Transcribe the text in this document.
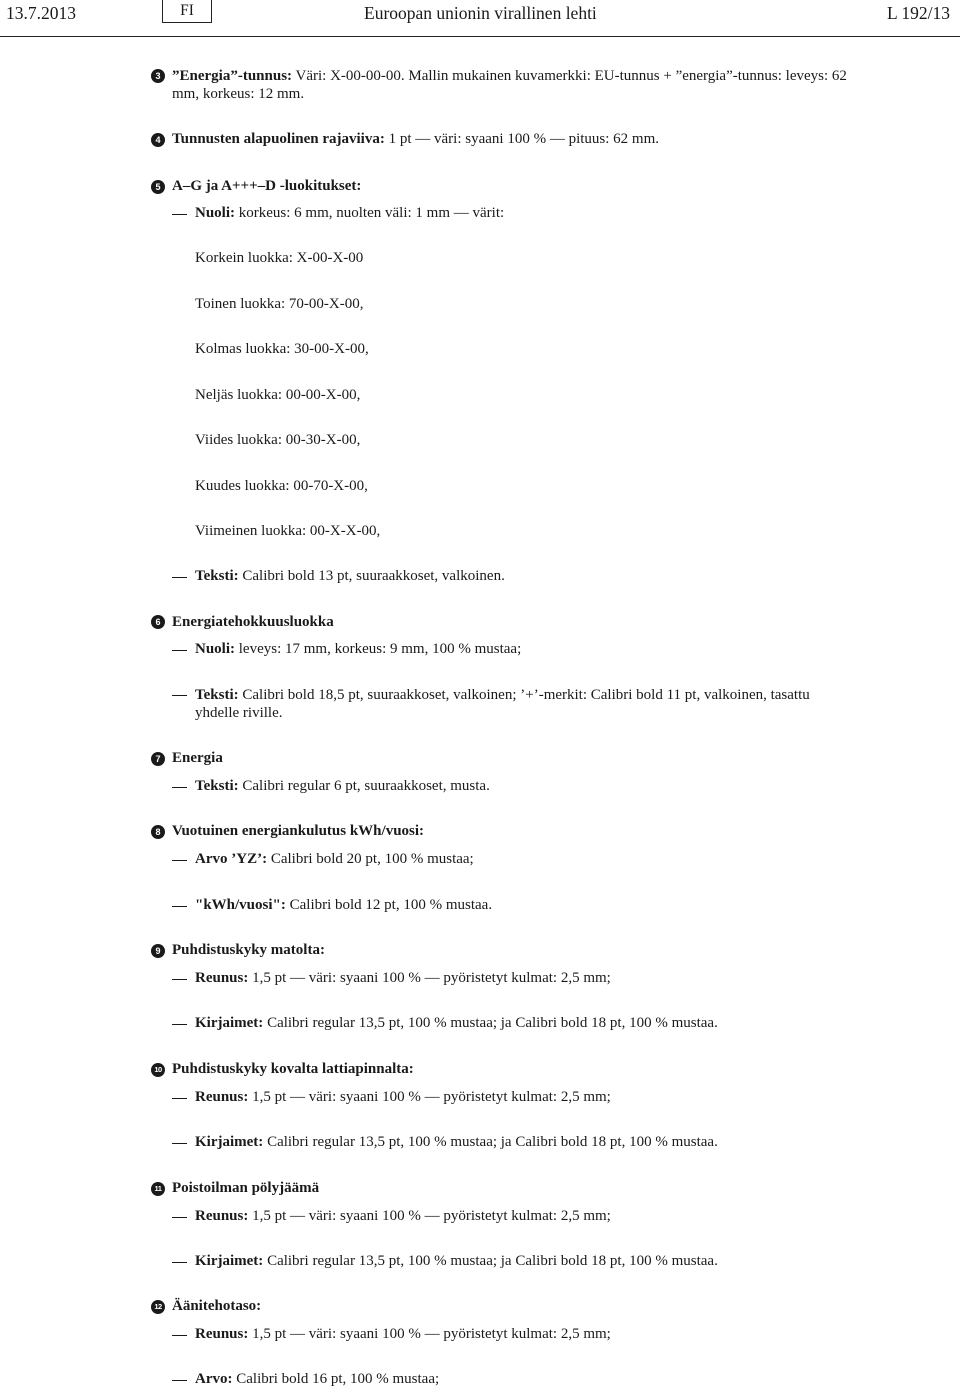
13.7.2013	FI	Euroopan unionin virallinen lehti	L 192/13
3 ”Energia”-tunnus: Väri: X-00-00-00. Mallin mukainen kuvamerkki: EU-tunnus + ”energia”-tunnus: leveys: 62
mm, korkeus: 12 mm.
4 Tunnusten alapuolinen rajaviiva: 1 pt — väri: syaani 100 % — pituus: 62 mm.
5 A–G ja A+++–D -luokitukset:
Nuoli: korkeus: 6 mm, nuolten väli: 1 mm — värit:
Korkein luokka: X-00-X-00
Toinen luokka: 70-00-X-00,
Kolmas luokka: 30-00-X-00,
Neljäs luokka: 00-00-X-00,
Viides luokka: 00-30-X-00,
Kuudes luokka: 00-70-X-00,
Viimeinen luokka: 00-X-X-00,
Teksti: Calibri bold 13 pt, suuraakkoset, valkoinen.
6 Energiatehokkuusluokka
Nuoli: leveys: 17 mm, korkeus: 9 mm, 100 % mustaa;
Teksti: Calibri bold 18,5 pt, suuraakkoset, valkoinen; ’+’-merkit: Calibri bold 11 pt, valkoinen, tasattu
yhdelle riville.
7 Energia
Teksti: Calibri regular 6 pt, suuraakkoset, musta.
8 Vuotuinen energiankulutus kWh/vuosi:
Arvo ’YZ’: Calibri bold 20 pt, 100 % mustaa;
"kWh/vuosi": Calibri bold 12 pt, 100 % mustaa.
9 Puhdistuskyky matolta:
Reunus: 1,5 pt — väri: syaani 100 % — pyöristetyt kulmat: 2,5 mm;
Kirjaimet: Calibri regular 13,5 pt, 100 % mustaa; ja Calibri bold 18 pt, 100 % mustaa.
10 Puhdistuskyky kovalta lattiapinnalta:
Reunus: 1,5 pt — väri: syaani 100 % — pyöristetyt kulmat: 2,5 mm;
Kirjaimet: Calibri regular 13,5 pt, 100 % mustaa; ja Calibri bold 18 pt, 100 % mustaa.
11 Poistoilman pölyjäämä
Reunus: 1,5 pt — väri: syaani 100 % — pyöristetyt kulmat: 2,5 mm;
Kirjaimet: Calibri regular 13,5 pt, 100 % mustaa; ja Calibri bold 18 pt, 100 % mustaa.
12 Äänitehotaso:
Reunus: 1,5 pt — väri: syaani 100 % — pyöristetyt kulmat: 2,5 mm;
Arvo: Calibri bold 16 pt, 100 % mustaa;
